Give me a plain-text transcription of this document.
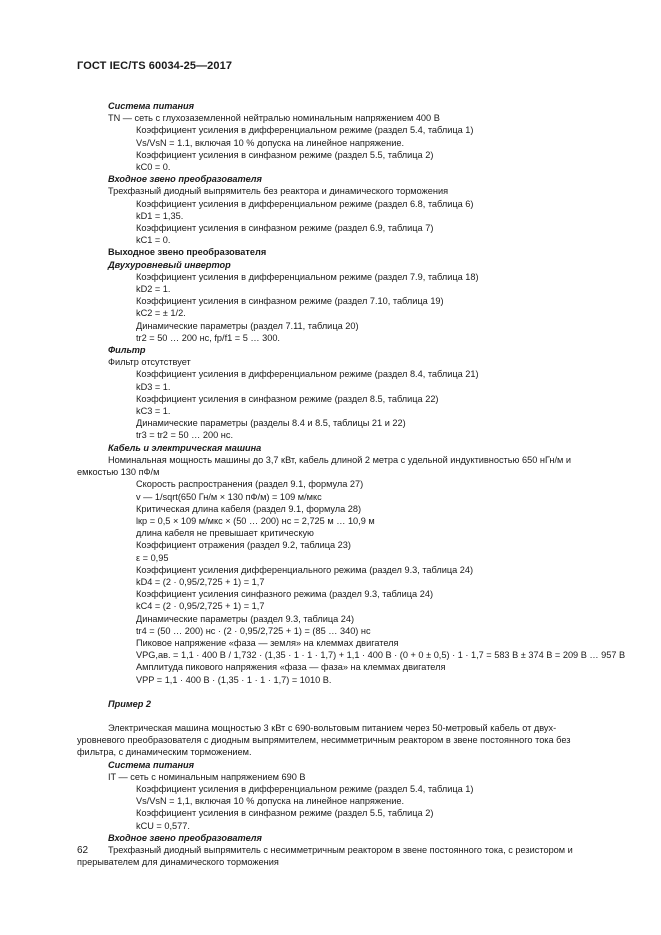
ГОСТ IEC/TS 60034-25—2017
Система питания
TN — сеть с глухозаземленной нейтралью номинальным напряжением 400 В
Коэффициент усиления в дифференциальном режиме (раздел 5.4, таблица 1)
Vs/VsN = 1.1, включая 10 % допуска на линейное напряжение.
Коэффициент усиления в синфазном режиме (раздел 5.5, таблица 2)
kC0 = 0.
Входное звено преобразователя
Трехфазный диодный выпрямитель без реактора и динамического торможения
Коэффициент усиления в дифференциальном режиме (раздел 6.8, таблица 6)
kD1 = 1,35.
Коэффициент усиления в синфазном режиме (раздел 6.9, таблица 7)
kC1 = 0.
Выходное звено преобразователя
Двухуровневый инвертор
Коэффициент усиления в дифференциальном режиме (раздел 7.9, таблица 18)
kD2 = 1.
Коэффициент усиления в синфазном режиме (раздел 7.10, таблица 19)
kC2 = ± 1/2.
Динамические параметры (раздел 7.11, таблица 20)
tr2 = 50 … 200 нс, fp/f1 = 5 … 300.
Фильтр
Фильтр отсутствует
Коэффициент усиления в дифференциальном режиме (раздел 8.4, таблица 21)
kD3 = 1.
Коэффициент усиления в синфазном режиме (раздел 8.5, таблица 22)
kC3 = 1.
Динамические параметры (разделы 8.4 и 8.5, таблицы 21 и 22)
tr3 = tr2 = 50 … 200 нс.
Кабель и электрическая машина
Номинальная мощность машины до 3,7 кВт, кабель длиной 2 метра с удельной индуктивностью 650 нГн/м и
емкостью 130 пФ/м
Скорость распространения (раздел 9.1, формула 27)
v — 1/sqrt(650 Гн/м × 130 пФ/м) = 109 м/мкс
Критическая длина кабеля (раздел 9.1, формула 28)
lкр = 0,5 × 109 м/мкс × (50 … 200) нс = 2,725 м … 10,9 м
длина кабеля не превышает критическую
Коэффициент отражения (раздел 9.2, таблица 23)
ε = 0,95
Коэффициент усиления дифференциального режима (раздел 9.3, таблица 24)
kD4 = (2 · 0,95/2,725 + 1) = 1,7
Коэффициент усиления синфазного режима (раздел 9.3, таблица 24)
kC4 = (2 · 0,95/2,725 + 1) = 1,7
Динамические параметры (раздел 9.3, таблица 24)
tr4 = (50 … 200) нс · (2 · 0,95/2,725 + 1) = (85 … 340) нс
Пиковое напряжение «фаза — земля» на клеммах двигателя
VPG,ав. = 1,1 · 400 В / 1,732 · (1,35 · 1 · 1 · 1,7) + 1,1 · 400 В · (0 + 0 ± 0,5) · 1 · 1,7 = 583 В ± 374 В = 209 В … 957 В
Амплитуда пикового напряжения «фаза — фаза» на клеммах двигателя
VPP = 1,1 · 400 В · (1,35 · 1 · 1 · 1,7) = 1010 В.
Пример 2
Электрическая машина мощностью 3 кВт с 690-вольтовым питанием через 50-метровый кабель от двух-
уровневого преобразователя с диодным выпрямителем, несимметричным реактором в звене постоянного тока без
фильтра, с динамическим торможением.
Система питания
IT — сеть с номинальным напряжением 690 В
Коэффициент усиления в дифференциальном режиме (раздел 5.4, таблица 1)
Vs/VsN = 1,1, включая 10 % допуска на линейное напряжение.
Коэффициент усиления в синфазном режиме (раздел 5.5, таблица 2)
kCU = 0,577.
Входное звено преобразователя
Трехфазный диодный выпрямитель с несимметричным реактором в звене постоянного тока, с резистором и
прерывателем для динамического торможения
62
